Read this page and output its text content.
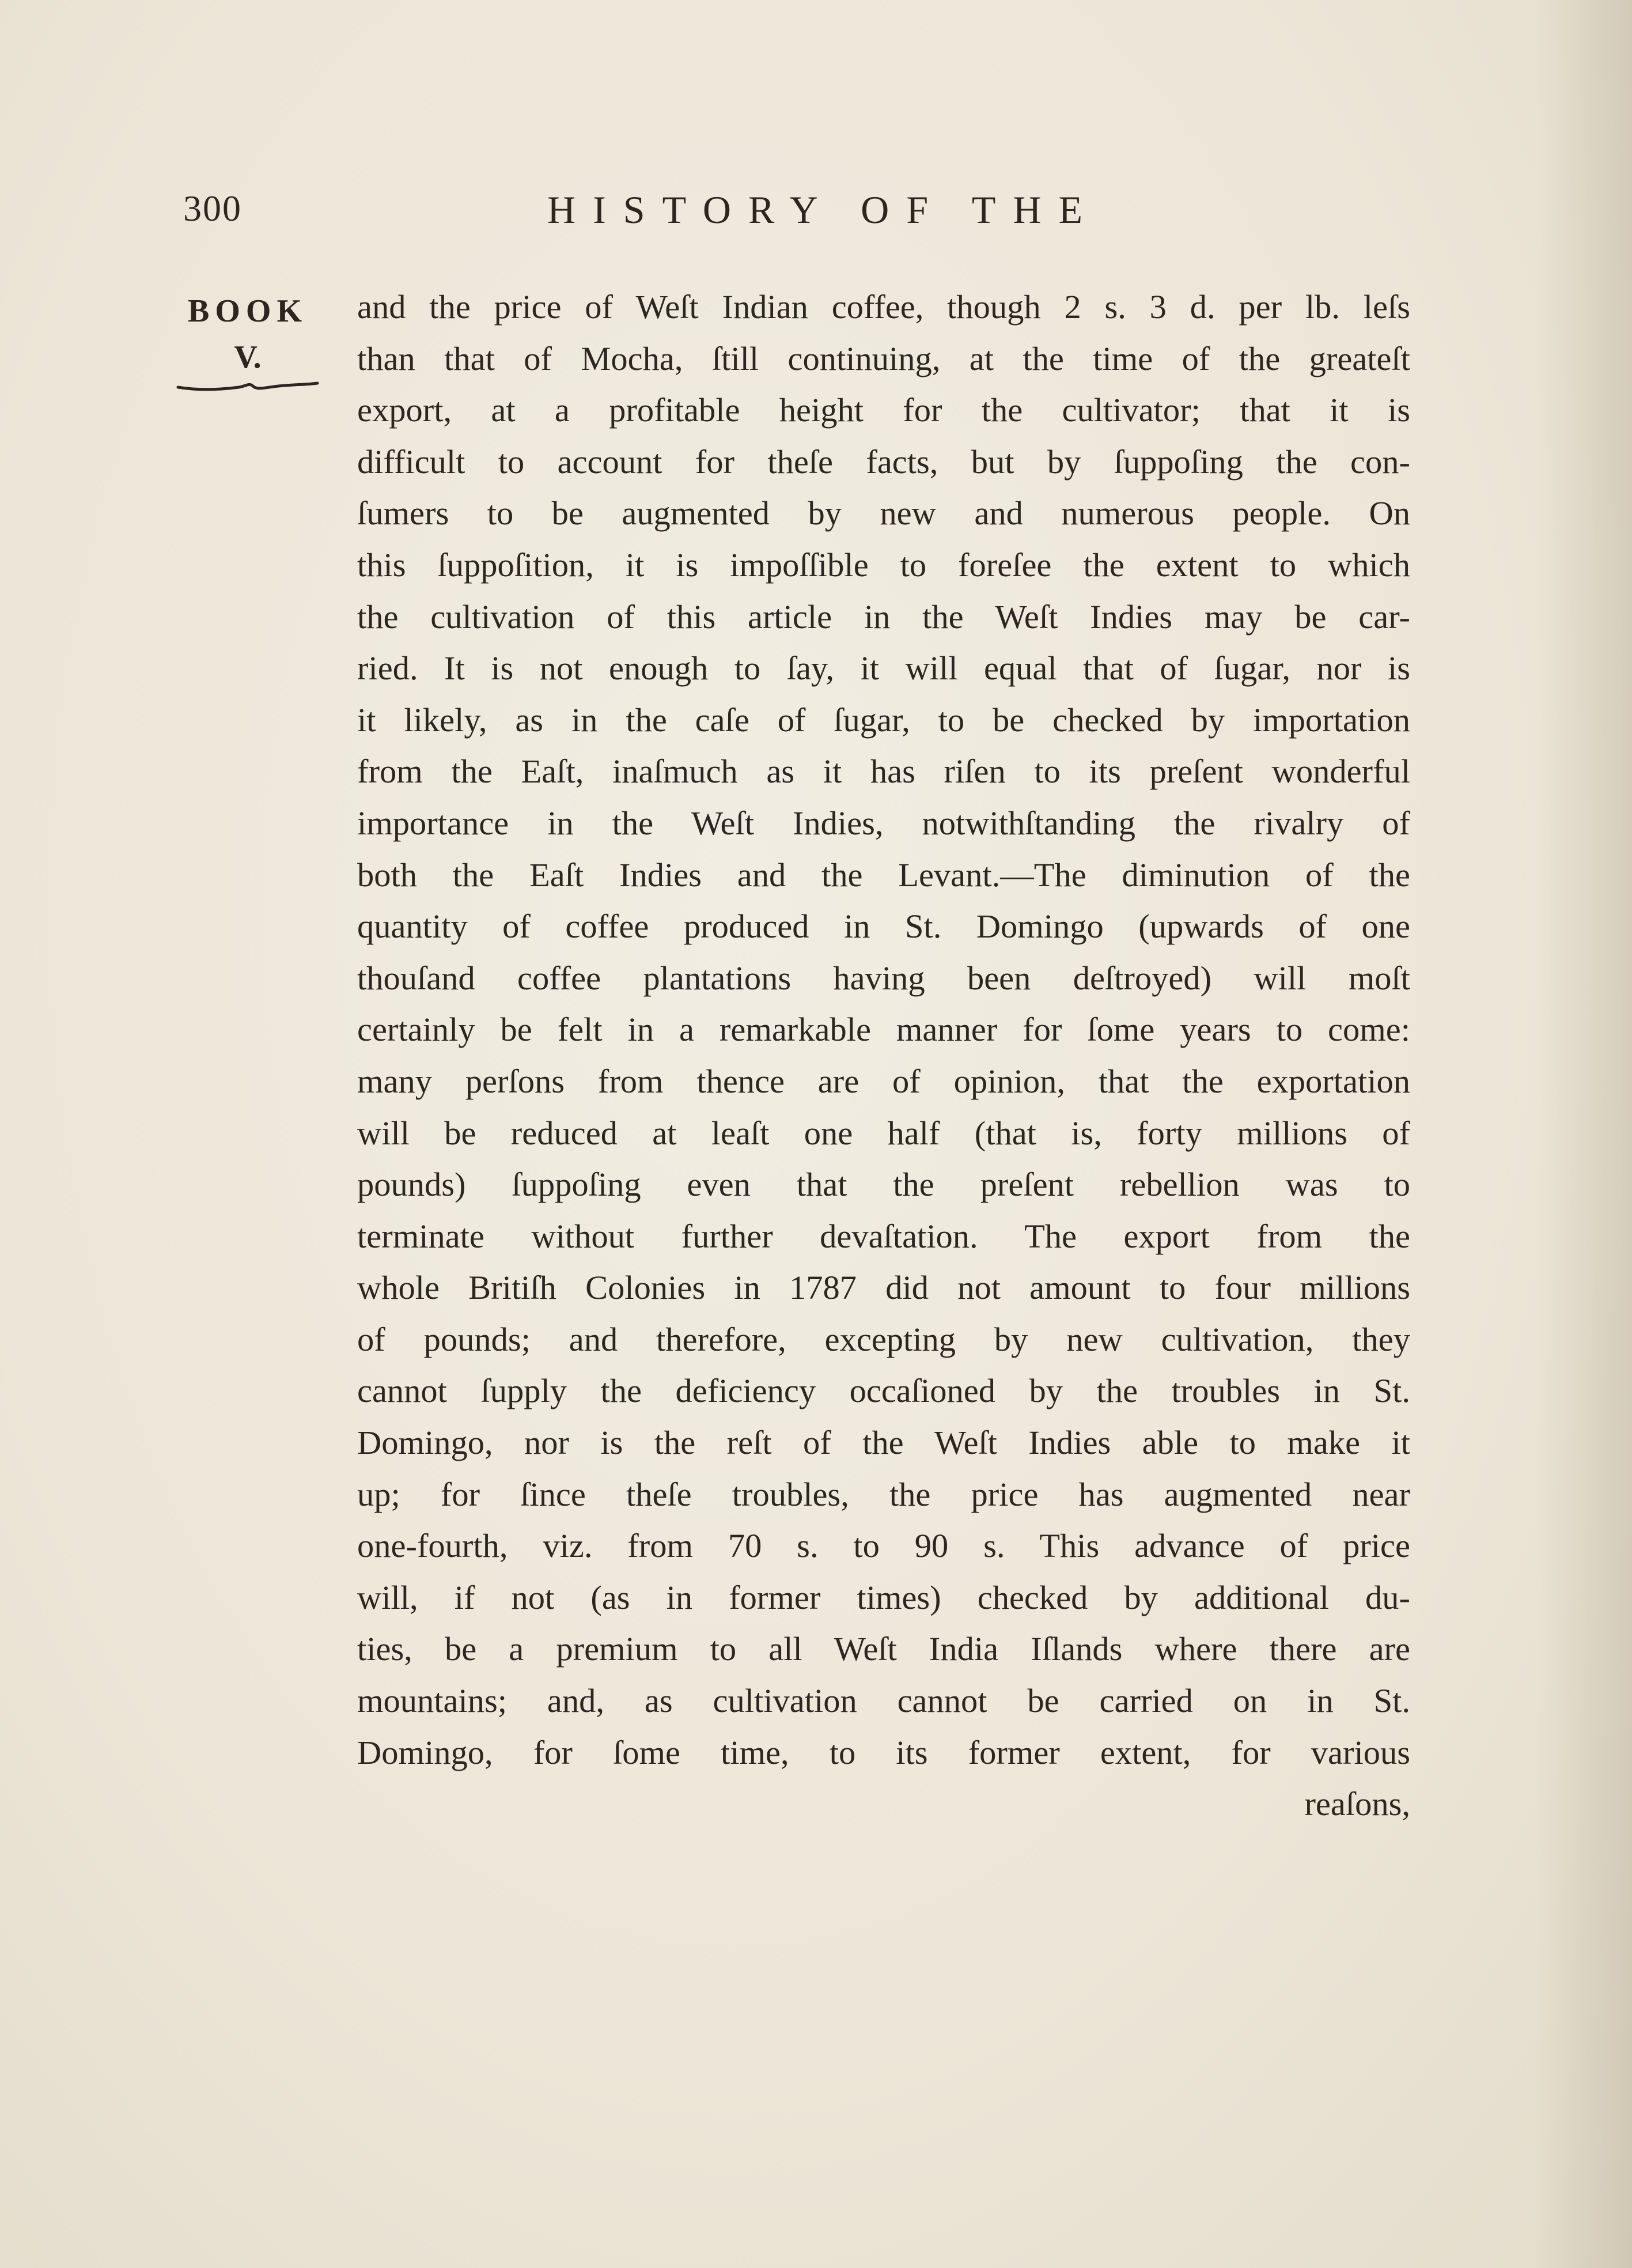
300	HISTORY OF THE
BOOK
V.
and the price of Weſt Indian coffee, though 2 s. 3 d. per lb. leſs
than that of Mocha, ſtill continuing, at the time of the greateſt
export, at a profitable height for the cultivator; that it is
difficult to account for theſe facts, but by ſuppoſing the con-
ſumers to be augmented by new and numerous people. On
this ſuppoſition, it is impoſſible to foreſee the extent to which
the cultivation of this article in the Weſt Indies may be car-
ried. It is not enough to ſay, it will equal that of ſugar, nor is
it likely, as in the caſe of ſugar, to be checked by importation
from the Eaſt, inaſmuch as it has riſen to its preſent wonderful
importance in the Weſt Indies, notwithſtanding the rivalry of
both the Eaſt Indies and the Levant.—The diminution of the
quantity of coffee produced in St. Domingo (upwards of one
thouſand coffee plantations having been deſtroyed) will moſt
certainly be felt in a remarkable manner for ſome years to come:
many perſons from thence are of opinion, that the exportation
will be reduced at leaſt one half (that is, forty millions of
pounds) ſuppoſing even that the preſent rebellion was to
terminate without further devaſtation. The export from the
whole Britiſh Colonies in 1787 did not amount to four millions
of pounds; and therefore, excepting by new cultivation, they
cannot ſupply the deficiency occaſioned by the troubles in St.
Domingo, nor is the reſt of the Weſt Indies able to make it
up; for ſince theſe troubles, the price has augmented near
one-fourth, viz. from 70 s. to 90 s. This advance of price
will, if not (as in former times) checked by additional du-
ties, be a premium to all Weſt India Iſlands where there are
mountains; and, as cultivation cannot be carried on in St.
Domingo, for ſome time, to its former extent, for various
reaſons,
